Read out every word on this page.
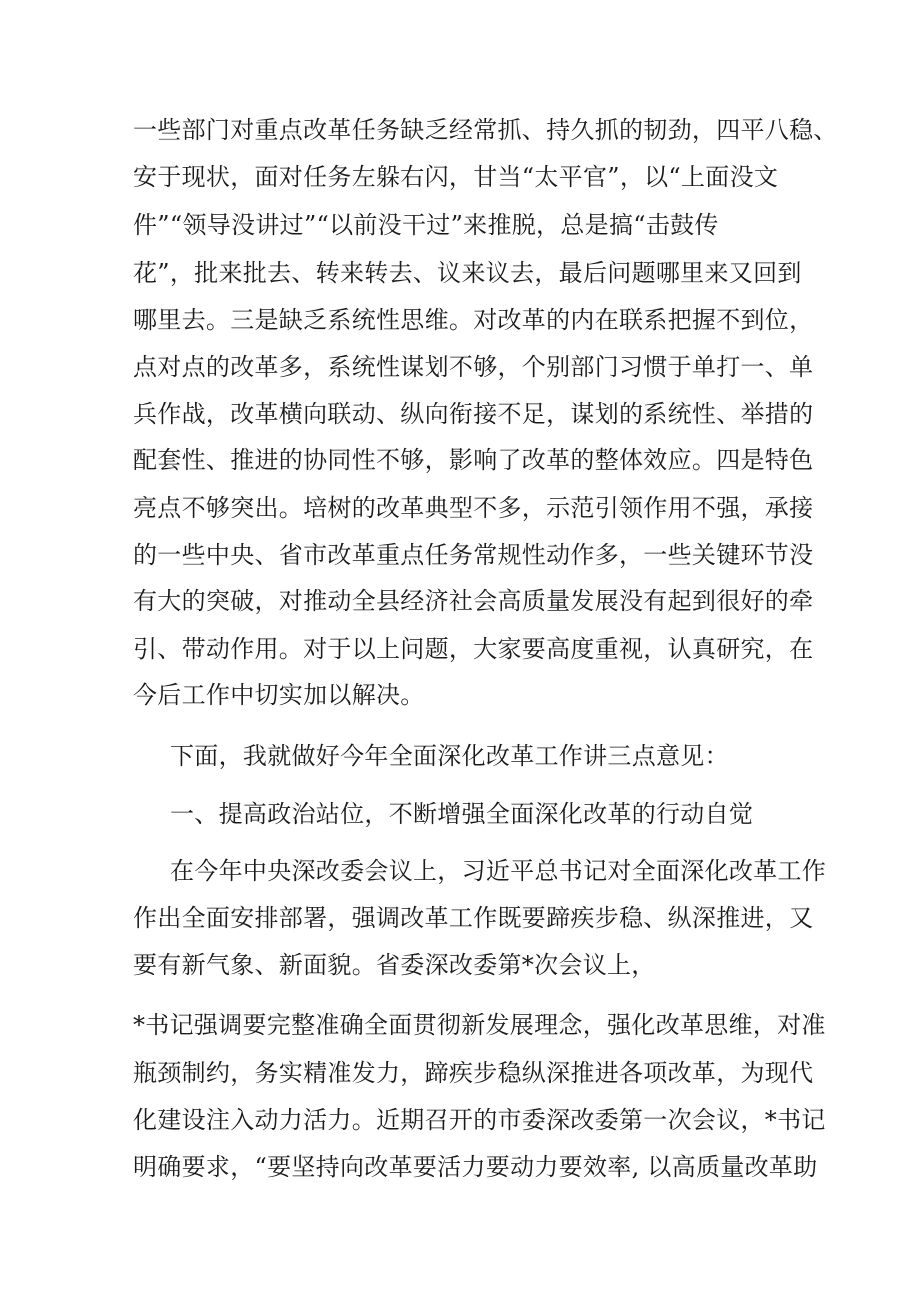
一些部门对重点改革任务缺乏经常抓、持久抓的韧劲，四平八稳、
安于现状，面对任务左躲右闪，甘当“太平官”，以“上面没文
件”“领导没讲过”“以前没干过”来推脱，总是搞“击鼓传
花”，批来批去、转来转去、议来议去，最后问题哪里来又回到
哪里去。三是缺乏系统性思维。对改革的内在联系把握不到位，
点对点的改革多，系统性谋划不够，个别部门习惯于单打一、单
兵作战，改革横向联动、纵向衔接不足，谋划的系统性、举措的
配套性、推进的协同性不够，影响了改革的整体效应。四是特色
亮点不够突出。培树的改革典型不多，示范引领作用不强，承接
的一些中央、省市改革重点任务常规性动作多，一些关键环节没
有大的突破，对推动全县经济社会高质量发展没有起到很好的牵
引、带动作用。对于以上问题，大家要高度重视，认真研究，在
今后工作中切实加以解决。
下面，我就做好今年全面深化改革工作讲三点意见：
一、提高政治站位，不断增强全面深化改革的行动自觉
在今年中央深改委会议上，习近平总书记对全面深化改革工作
作出全面安排部署，强调改革工作既要蹄疾步稳、纵深推进，又
要有新气象、新面貌。省委深改委第*次会议上，
*书记强调要完整准确全面贯彻新发展理念，强化改革思维，对准
瓶颈制约，务实精准发力，蹄疾步稳纵深推进各项改革，为现代
化建设注入动力活力。近期召开的市委深改委第一次会议，*书记
明确要求，“要坚持向改革要活力要动力要效率, 以高质量改革助
